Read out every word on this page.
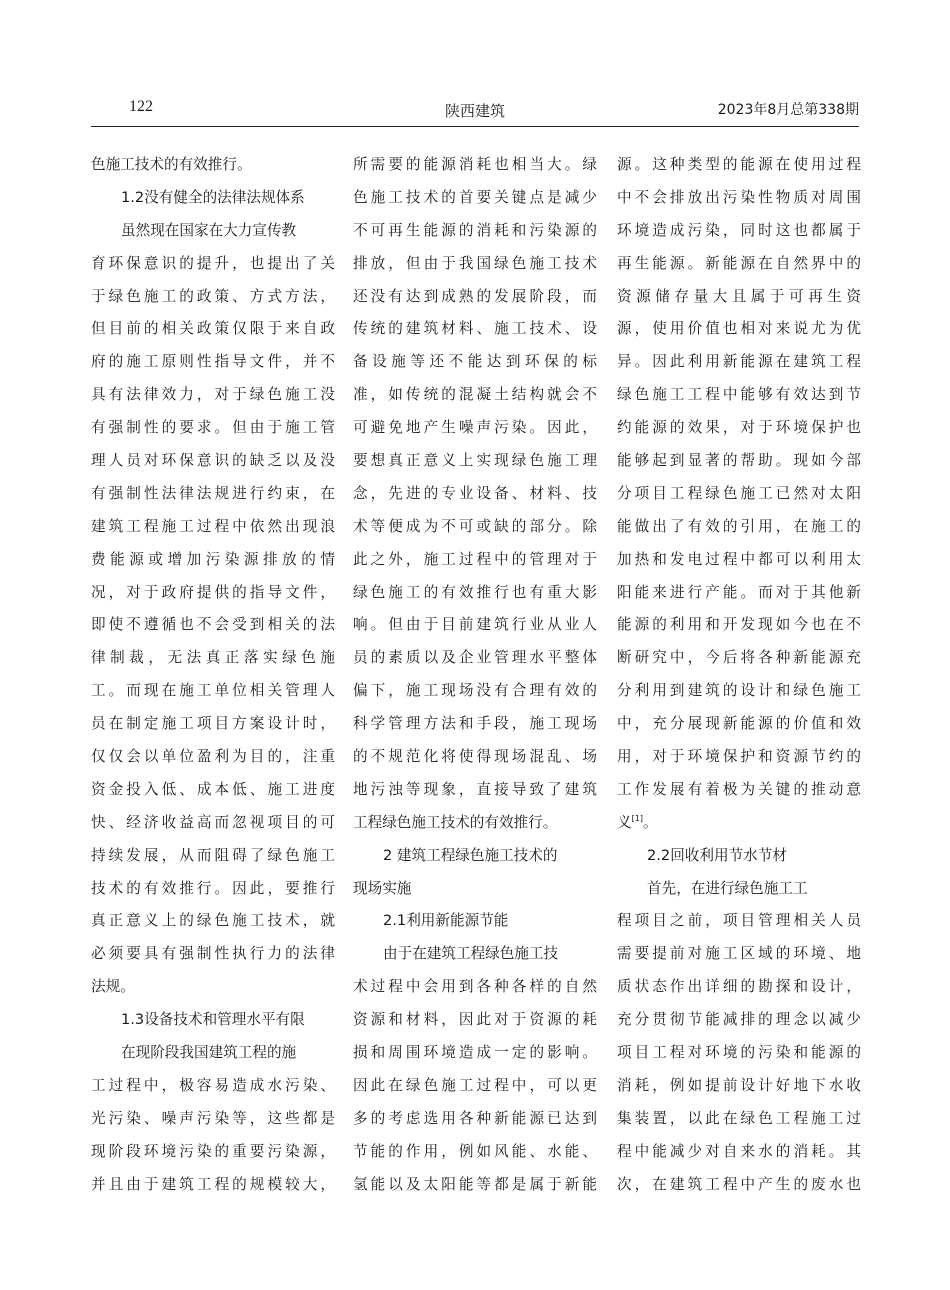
122	陕西建筑	2023年8月总第338期
色施工技术的有效推行。
1.2没有健全的法律法规体系
虽然现在国家在大力宣传教
育环保意识的提升，也提出了关
于绿色施工的政策、方式方法，
但目前的相关政策仅限于来自政
府的施工原则性指导文件，并不
具有法律效力，对于绿色施工没
有强制性的要求。但由于施工管
理人员对环保意识的缺乏以及没
有强制性法律法规进行约束，在
建筑工程施工过程中依然出现浪
费能源或增加污染源排放的情
况，对于政府提供的指导文件，
即使不遵循也不会受到相关的法
律制裁，无法真正落实绿色施
工。而现在施工单位相关管理人
员在制定施工项目方案设计时，
仅仅会以单位盈利为目的，注重
资金投入低、成本低、施工进度
快、经济收益高而忽视项目的可
持续发展，从而阻碍了绿色施工
技术的有效推行。因此，要推行
真正意义上的绿色施工技术，就
必须要具有强制性执行力的法律
法规。
1.3设备技术和管理水平有限
在现阶段我国建筑工程的施
工过程中，极容易造成水污染、
光污染、噪声污染等，这些都是
现阶段环境污染的重要污染源，
并且由于建筑工程的规模较大，
所需要的能源消耗也相当大。绿
色施工技术的首要关键点是减少
不可再生能源的消耗和污染源的
排放，但由于我国绿色施工技术
还没有达到成熟的发展阶段，而
传统的建筑材料、施工技术、设
备设施等还不能达到环保的标
准，如传统的混凝土结构就会不
可避免地产生噪声污染。因此，
要想真正意义上实现绿色施工理
念，先进的专业设备、材料、技
术等便成为不可或缺的部分。除
此之外，施工过程中的管理对于
绿色施工的有效推行也有重大影
响。但由于目前建筑行业从业人
员的素质以及企业管理水平整体
偏下，施工现场没有合理有效的
科学管理方法和手段，施工现场
的不规范化将使得现场混乱、场
地污浊等现象，直接导致了建筑
工程绿色施工技术的有效推行。
2 建筑工程绿色施工技术的
现场实施
2.1利用新能源节能
由于在建筑工程绿色施工技
术过程中会用到各种各样的自然
资源和材料，因此对于资源的耗
损和周围环境造成一定的影响。
因此在绿色施工过程中，可以更
多的考虑选用各种新能源已达到
节能的作用，例如风能、水能、
氢能以及太阳能等都是属于新能
源。这种类型的能源在使用过程
中不会排放出污染性物质对周围
环境造成污染，同时这也都属于
再生能源。新能源在自然界中的
资源储存量大且属于可再生资
源，使用价值也相对来说尤为优
异。因此利用新能源在建筑工程
绿色施工工程中能够有效达到节
约能源的效果，对于环境保护也
能够起到显著的帮助。现如今部
分项目工程绿色施工已然对太阳
能做出了有效的引用，在施工的
加热和发电过程中都可以利用太
阳能来进行产能。而对于其他新
能源的利用和开发现如今也在不
断研究中，今后将各种新能源充
分利用到建筑的设计和绿色施工
中，充分展现新能源的价值和效
用，对于环境保护和资源节约的
工作发展有着极为关键的推动意
义[1]。
2.2回收利用节水节材
首先，在进行绿色施工工
程项目之前，项目管理相关人员
需要提前对施工区域的环境、地
质状态作出详细的勘探和设计，
充分贯彻节能减排的理念以减少
项目工程对环境的污染和能源的
消耗，例如提前设计好地下水收
集装置，以此在绿色工程施工过
程中能减少对自来水的消耗。其
次，在建筑工程中产生的废水也
